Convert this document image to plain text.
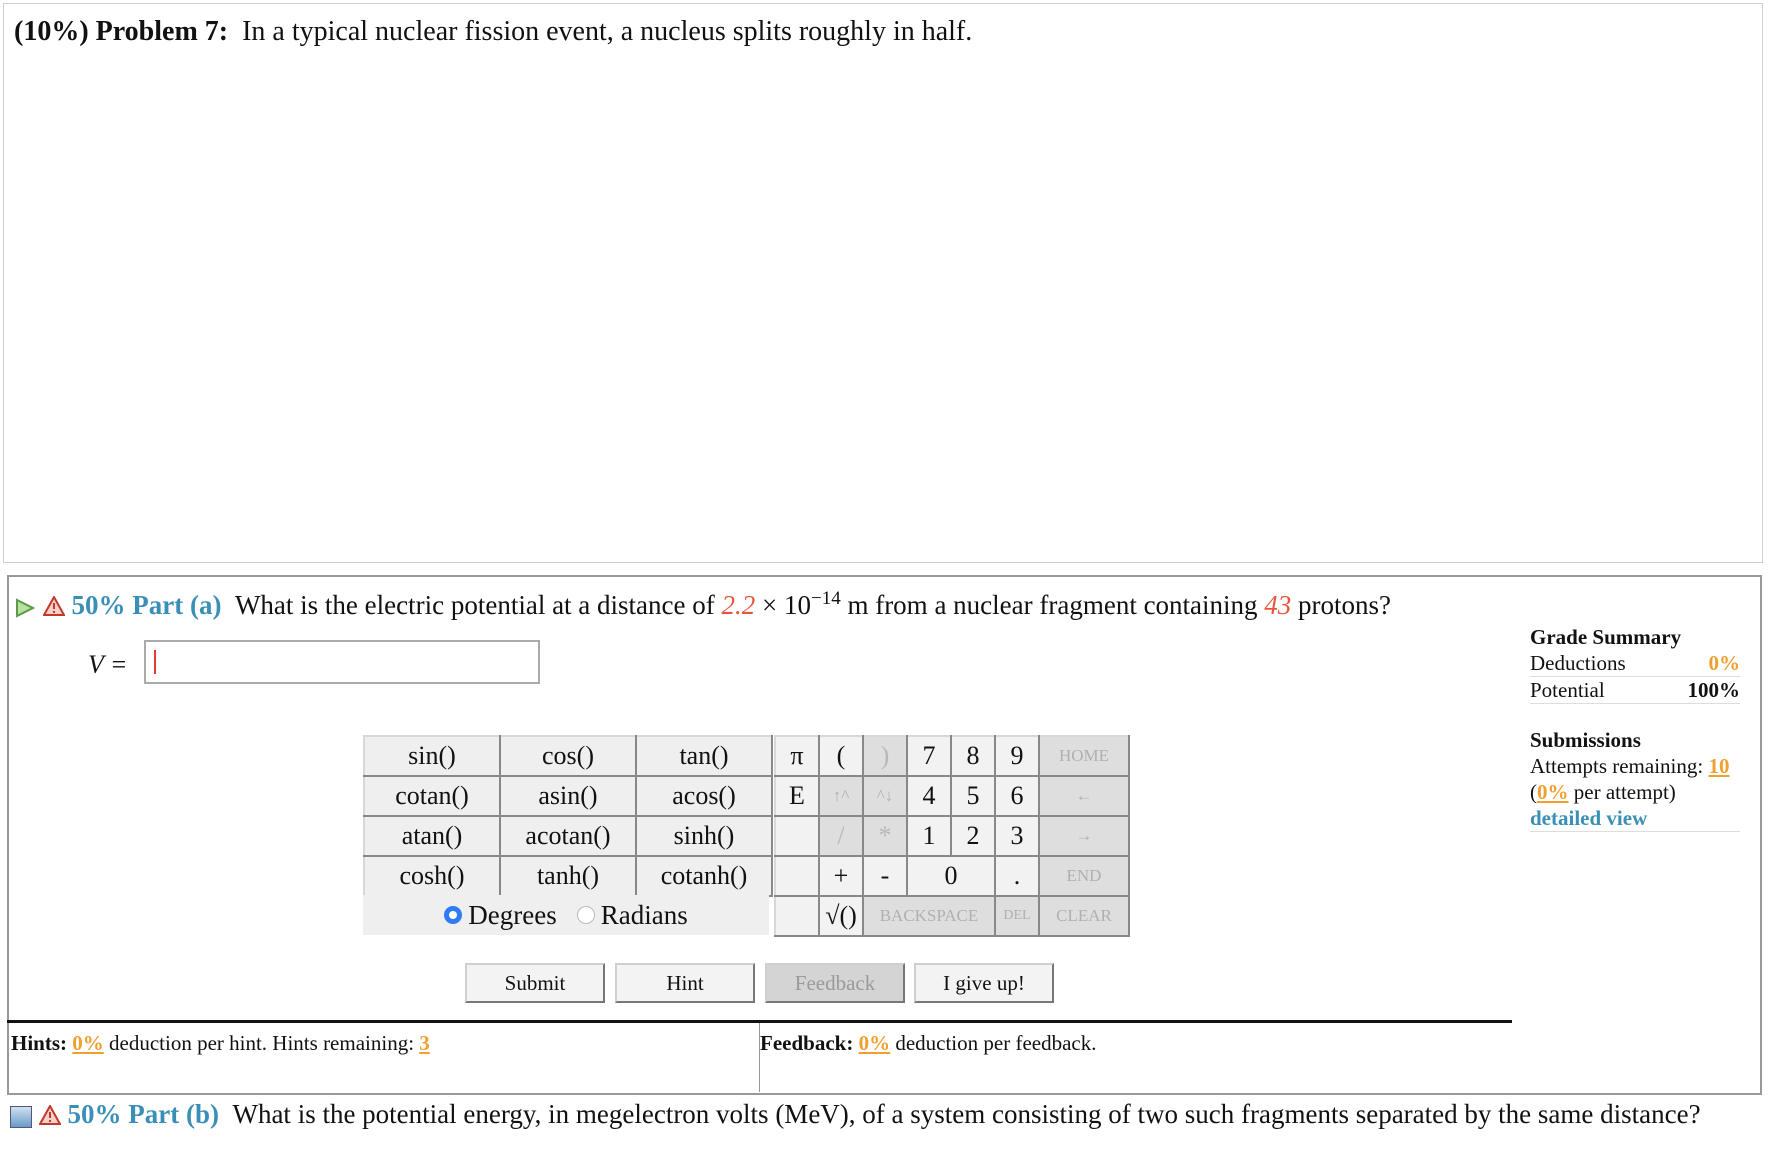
(10%) Problem 7: In a typical nuclear fission event, a nucleus splits roughly in half.
50% Part (a) What is the electric potential at a distance of $2.2 \times 10^{-14}$ m from a nuclear fragment containing 43 protons?
V =
sin()	cos()	tan()
cotan()	asin()	acos()
atan()	acotan()	sinh()
cosh()	tanh()	cotanh()
Degrees Radians
π	(	)	7	8	9	HOME
E	↑^	^↓	4	5	6	←
	/	*	1	2	3	→
	+	-	0		.	END
	√()	BACKSPACE			DEL	CLEAR
Submit	Hint	Feedback	I give up!
Hints: 0% deduction per hint. Hints remaining: 3	Feedback: 0% deduction per feedback.
Grade Summary
Deductions	0%
Potential	100%
Submissions
Attempts remaining: 10
(0% per attempt)
detailed view
50% Part (b) What is the potential energy, in megelectron volts (MeV), of a system consisting of two such fragments separated by the same distance?
